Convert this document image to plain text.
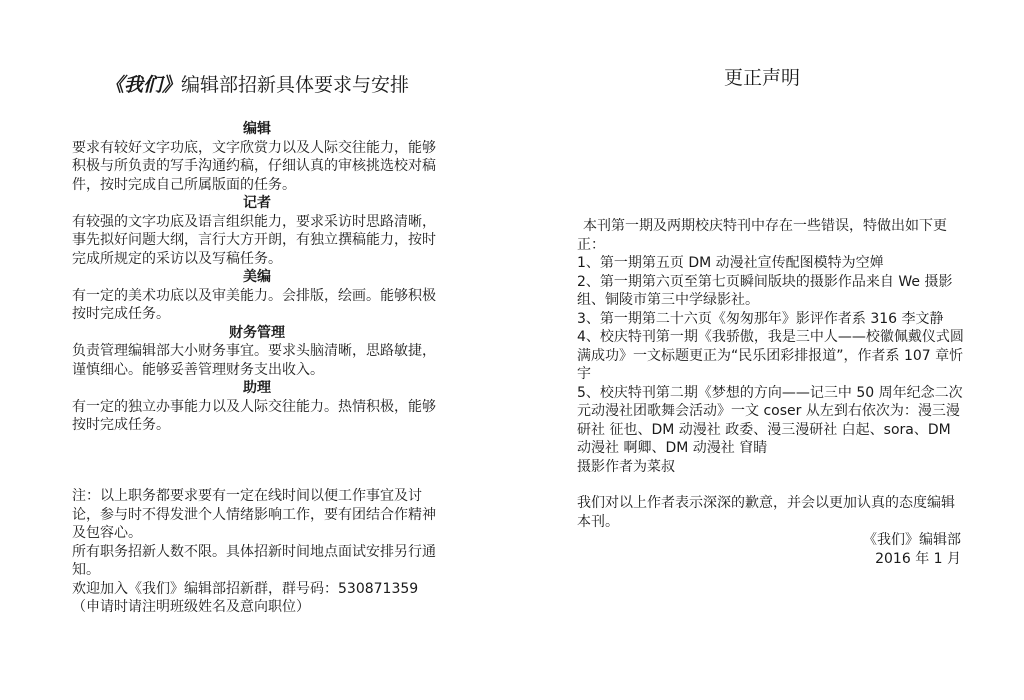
《我们》编辑部招新具体要求与安排

编辑

要求有较好文字功底，文字欣赏力以及人际交往能力，能够积极与所负责的写手沟通约稿，仔细认真的审核挑选校对稿件，按时完成自己所属版面的任务。

记者

有较强的文字功底及语言组织能力，要求采访时思路清晰，事先拟好问题大纲，言行大方开朗，有独立撰稿能力，按时完成所规定的采访以及写稿任务。

美编

有一定的美术功底以及审美能力。会排版，绘画。能够积极按时完成任务。

财务管理

负责管理编辑部大小财务事宜。要求头脑清晰，思路敏捷，谨慎细心。能够妥善管理财务支出收入。

助理

有一定的独立办事能力以及人际交往能力。热情积极，能够按时完成任务。

注：以上职务都要求要有一定在线时间以便工作事宜及讨论，参与时不得发泄个人情绪影响工作，要有团结合作精神及包容心。

所有职务招新人数不限。具体招新时间地点面试安排另行通知。

欢迎加入《我们》编辑部招新群，群号码：530871359（申请时请注明班级姓名及意向职位）

更正声明

本刊第一期及两期校庆特刊中存在一些错误，特做出如下更正：

1、第一期第五页 DM 动漫社宣传配图模特为空婵

2、第一期第六页至第七页瞬间版块的摄影作品来自 We 摄影组、铜陵市第三中学绿影社。

3、第一期第二十六页《匆匆那年》影评作者系 316 李文静

4、校庆特刊第一期《我骄傲，我是三中人——校徽佩戴仪式圆满成功》一文标题更正为“民乐团彩排报道”，作者系 107 章忻宇

5、校庆特刊第二期《梦想的方向——记三中 50 周年纪念二次元动漫社团歌舞会活动》一文 coser 从左到右依次为：漫三漫研社 征也、DM 动漫社 政委、漫三漫研社 白起、sora、DM 动漫社 啊卿、DM 动漫社 窅睛

摄影作者为菜叔

我们对以上作者表示深深的歉意，并会以更加认真的态度编辑本刊。

《我们》编辑部

2016 年 1 月
